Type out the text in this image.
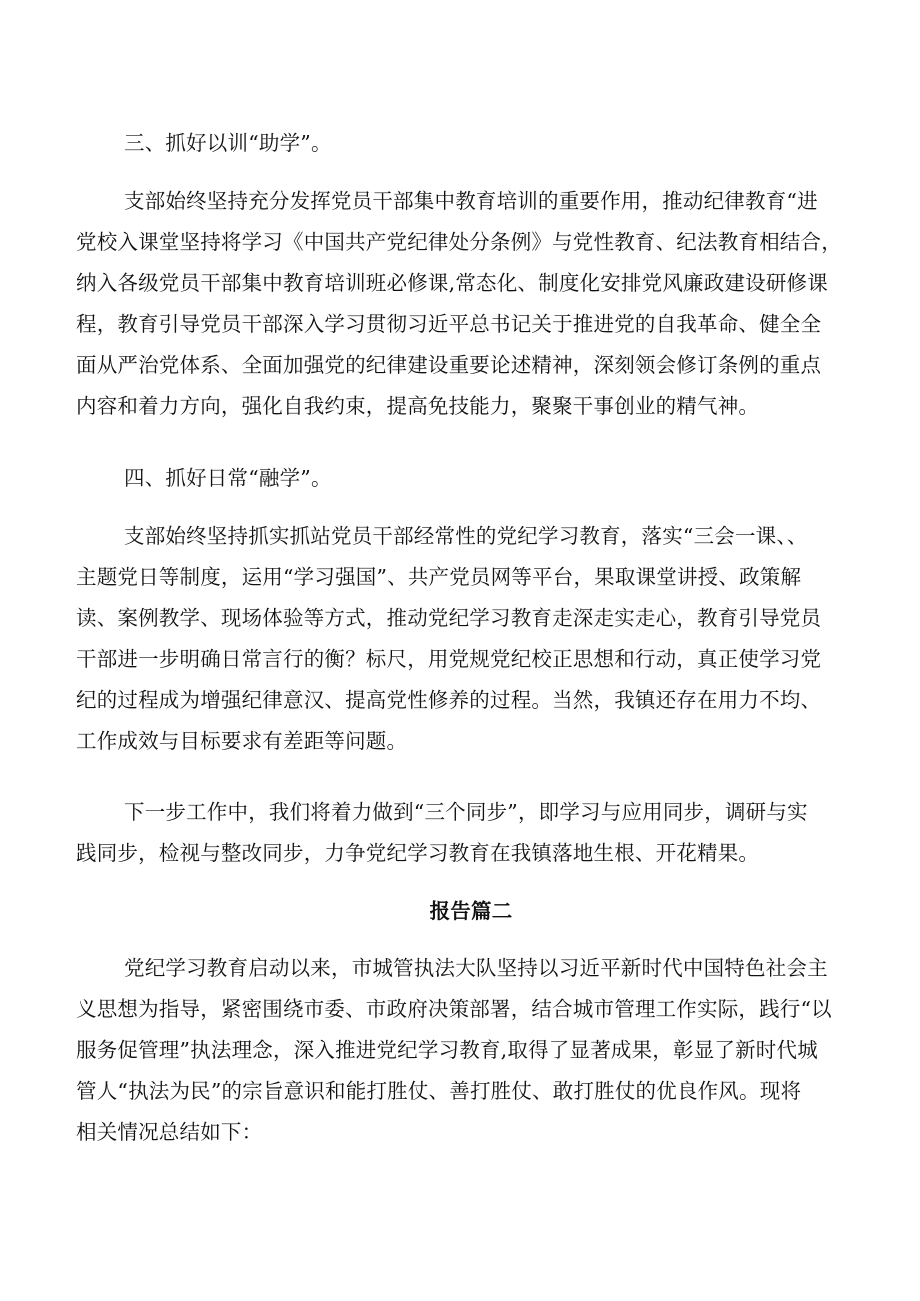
三、抓好以训“助学”。
支部始终坚持充分发挥党员干部集中教育培训的重要作用，推动纪律教育“进
党校入课堂坚持将学习《中国共产党纪律处分条例》与党性教育、纪法教育相结合，
纳入各级党员干部集中教育培训班必修课,常态化、制度化安排党风廉政建设研修课
程，教育引导党员干部深入学习贯彻习近平总书记关于推进党的自我革命、健全全
面从严治党体系、全面加强党的纪律建设重要论述精神，深刻领会修订条例的重点
内容和着力方向，强化自我约束，提高免技能力，聚聚干事创业的精气神。
四、抓好日常“融学”。
支部始终坚持抓实抓站党员干部经常性的党纪学习教育，落实“三会一课、、
主题党日等制度，运用“学习强国”、共产党员网等平台，果取课堂讲授、政策解
读、案例教学、现场体验等方式，推动党纪学习教育走深走实走心，教育引导党员
干部进一步明确日常言行的衡？标尺，用党规党纪校正思想和行动，真正使学习党
纪的过程成为增强纪律意汉、提高党性修养的过程。当然，我镇还存在用力不均、
工作成效与目标要求有差距等问题。
下一步工作中，我们将着力做到“三个同步”，即学习与应用同步，调研与实
践同步，检视与整改同步，力争党纪学习教育在我镇落地生根、开花精果。
报告篇二
党纪学习教育启动以来，市城管执法大队坚持以习近平新时代中国特色社会主
义思想为指导，紧密围绕市委、市政府决策部署，结合城市管理工作实际，践行“以
服务促管理”执法理念，深入推进党纪学习教育,取得了显著成果，彰显了新时代城
管人“执法为民”的宗旨意识和能打胜仗、善打胜仗、敢打胜仗的优良作风。现将
相关情况总结如下：
